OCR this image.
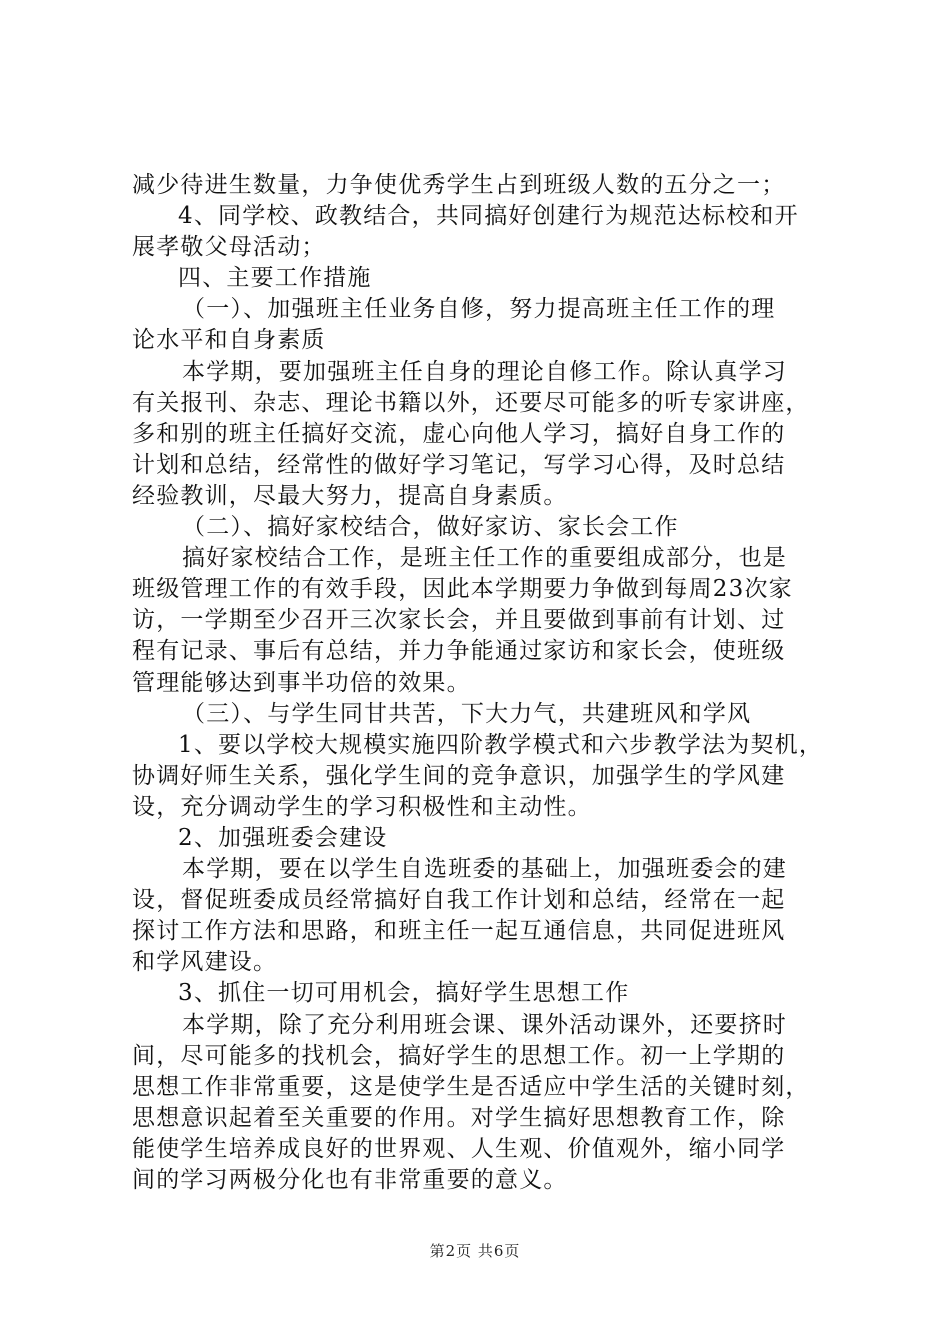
减少待进生数量，力争使优秀学生占到班级人数的五分之一；
4、同学校、政教结合，共同搞好创建行为规范达标校和开
展孝敬父母活动；
四、主要工作措施
（一）、加强班主任业务自修，努力提高班主任工作的理
论水平和自身素质
本学期，要加强班主任自身的理论自修工作。除认真学习
有关报刊、杂志、理论书籍以外，还要尽可能多的听专家讲座，
多和别的班主任搞好交流，虚心向他人学习，搞好自身工作的
计划和总结，经常性的做好学习笔记，写学习心得，及时总结
经验教训，尽最大努力，提高自身素质。
（二）、搞好家校结合，做好家访、家长会工作
搞好家校结合工作，是班主任工作的重要组成部分，也是
班级管理工作的有效手段，因此本学期要力争做到每周23次家
访，一学期至少召开三次家长会，并且要做到事前有计划、过
程有记录、事后有总结，并力争能通过家访和家长会，使班级
管理能够达到事半功倍的效果。
（三）、与学生同甘共苦，下大力气，共建班风和学风
1、要以学校大规模实施四阶教学模式和六步教学法为契机，
协调好师生关系，强化学生间的竞争意识，加强学生的学风建
设，充分调动学生的学习积极性和主动性。
2、加强班委会建设
本学期，要在以学生自选班委的基础上，加强班委会的建
设，督促班委成员经常搞好自我工作计划和总结，经常在一起
探讨工作方法和思路，和班主任一起互通信息，共同促进班风
和学风建设。
3、抓住一切可用机会，搞好学生思想工作
本学期，除了充分利用班会课、课外活动课外，还要挤时
间，尽可能多的找机会，搞好学生的思想工作。初一上学期的
思想工作非常重要，这是使学生是否适应中学生活的关键时刻，
思想意识起着至关重要的作用。对学生搞好思想教育工作，除
能使学生培养成良好的世界观、人生观、价值观外，缩小同学
间的学习两极分化也有非常重要的意义。
第2页 共6页
